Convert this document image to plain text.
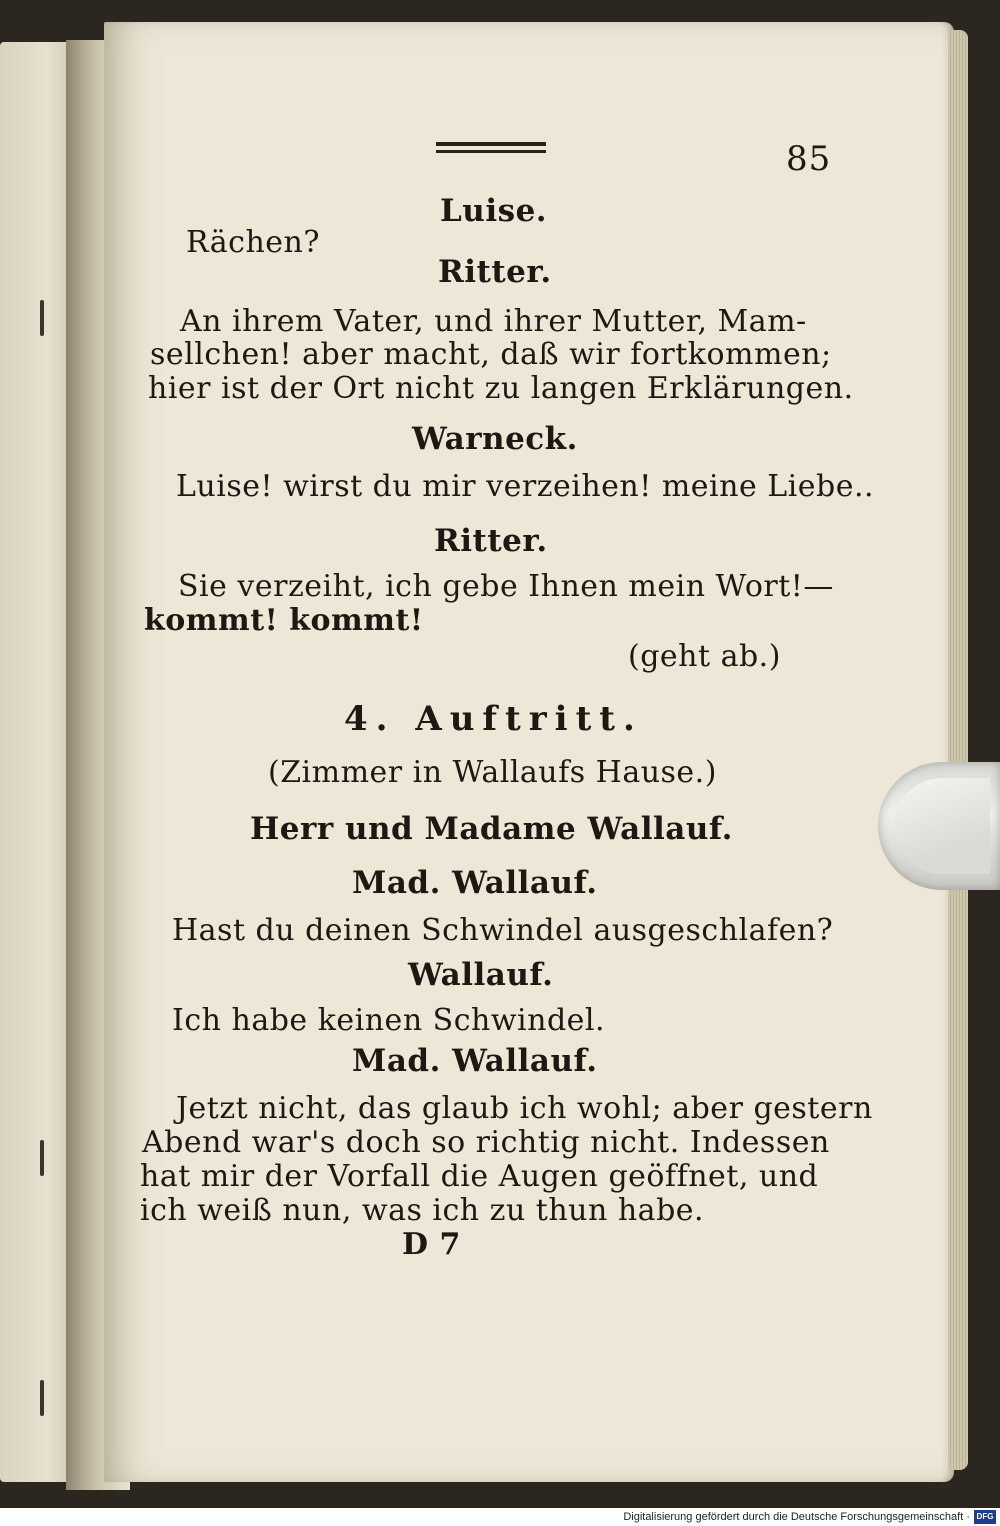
85
Luise.
Rächen?
Ritter.
An ihrem Vater, und ihrer Mutter, Mam-
sellchen! aber macht, daß wir fortkommen;
hier ist der Ort nicht zu langen Erklärungen.
Warneck.
Luise! wirst du mir verzeihen! meine Liebe..
Ritter.
Sie verzeiht, ich gebe Ihnen mein Wort!—
kommt! kommt!
(geht ab.)
4. Auftritt.
(Zimmer in Wallaufs Hause.)
Herr und Madame Wallauf.
Mad. Wallauf.
Hast du deinen Schwindel ausgeschlafen?
Wallauf.
Ich habe keinen Schwindel.
Mad. Wallauf.
Jetzt nicht, das glaub ich wohl; aber gestern
Abend war's doch so richtig nicht. Indessen
hat mir der Vorfall die Augen geöffnet, und
ich weiß nun, was ich zu thun habe.
D 7
Digitalisierung gefördert durch die Deutsche Forschungsgemeinschaft · DFG
